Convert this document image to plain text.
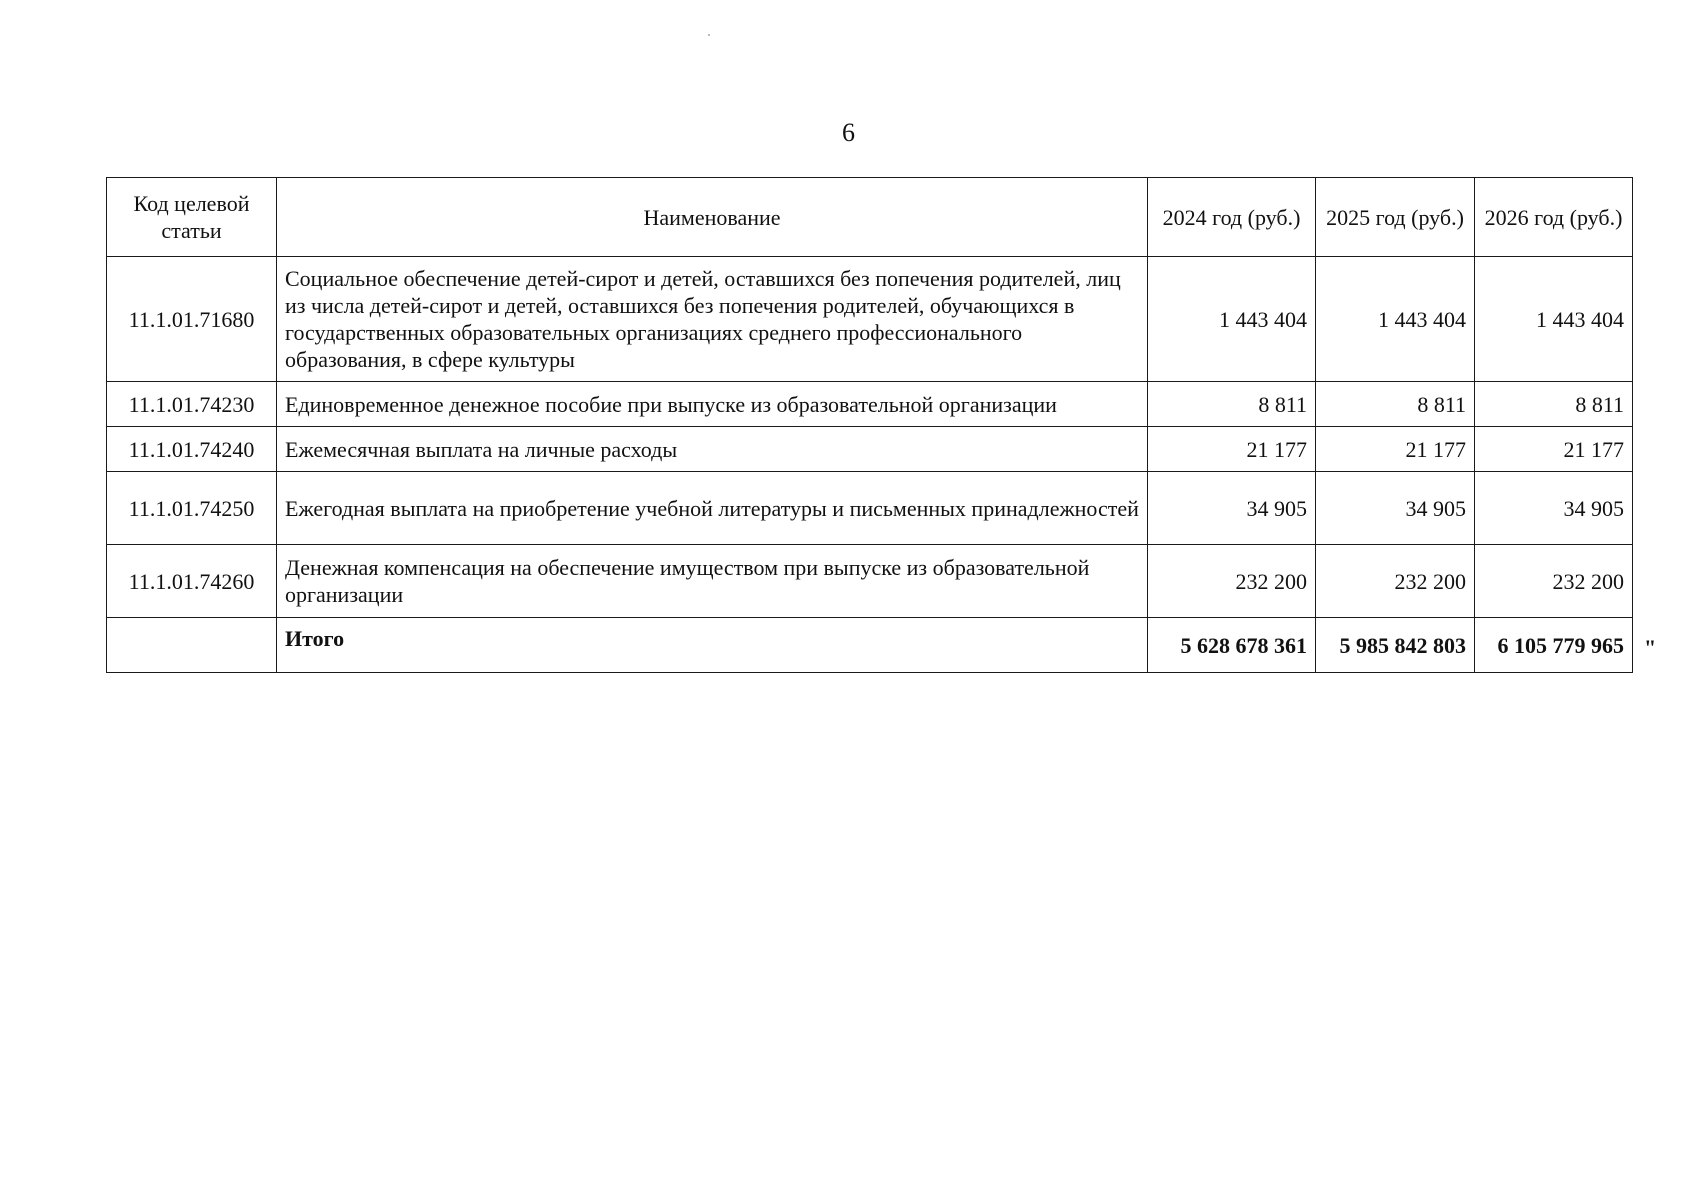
6
Код целевой статьи	Наименование	2024 год (руб.)	2025 год (руб.)	2026 год (руб.)
11.1.01.71680	Социальное обеспечение детей-сирот и детей, оставшихся без попечения родителей, лиц из числа детей-сирот и детей, оставшихся без попечения родителей, обучающихся в государственных образовательных организациях среднего профессионального образования, в сфере культуры	1 443 404	1 443 404	1 443 404
11.1.01.74230	Единовременное денежное пособие при выпуске из образовательной организации	8 811	8 811	8 811
11.1.01.74240	Ежемесячная выплата на личные расходы	21 177	21 177	21 177
11.1.01.74250	Ежегодная выплата на приобретение учебной литературы и письменных принадлежностей	34 905	34 905	34 905
11.1.01.74260	Денежная компенсация на обеспечение имуществом при выпуске из образовательной организации	232 200	232 200	232 200
	Итого	5 628 678 361	5 985 842 803	6 105 779 965 "
